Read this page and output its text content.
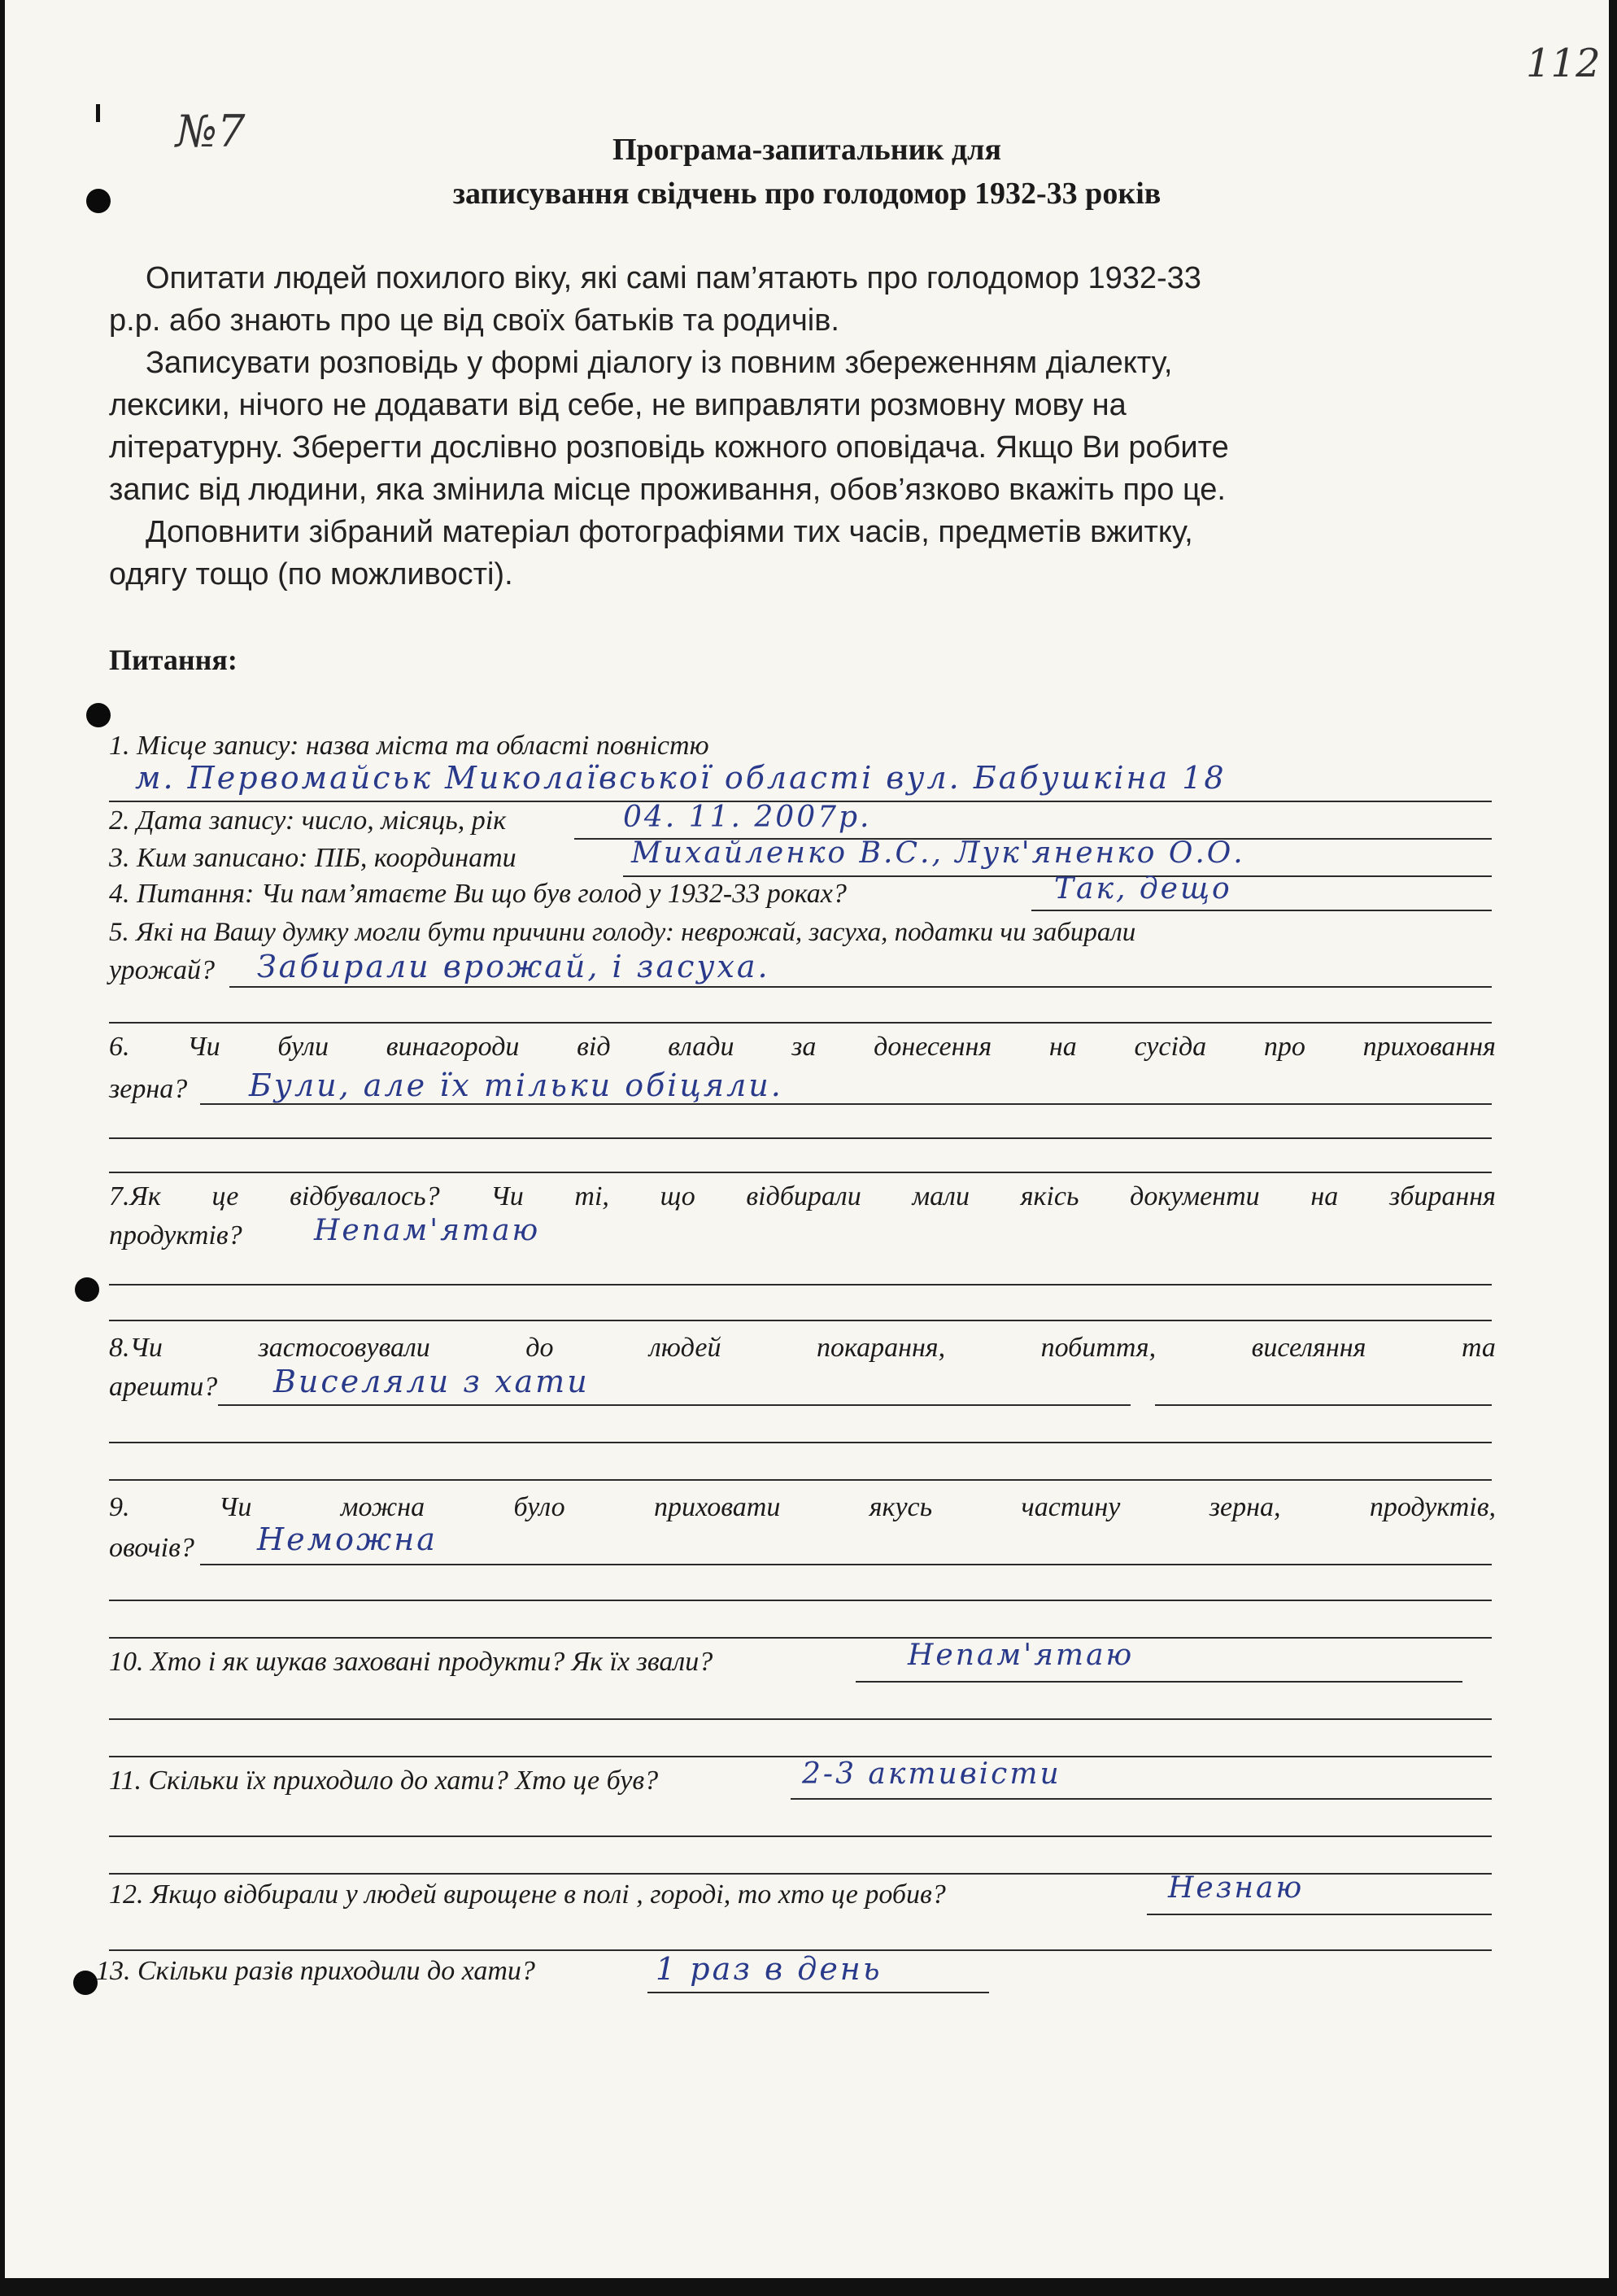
112
№7	Програма-запитальник для
записування свідчень про голодомор 1932-33 років
Опитати людей похилого віку, які самі пам’ятають про голодомор 1932-33
р.р. або знають про це від своїх батьків та родичів.
Записувати розповідь у формі діалогу із повним збереженням діалекту,
лексики, нічого не додавати від себе, не виправляти розмовну мову на
літературну. Зберегти дослівно розповідь кожного оповідача. Якщо Ви робите
запис від людини, яка змінила місце проживання, обов’язково вкажіть про це.
Доповнити зібраний матеріал фотографіями тих часів, предметів вжитку,
одягу тощо (по можливості).
Питання:
1. Місце запису: назва міста та області повністю
м. Первомайськ Миколаївської області вул. Бабушкіна 18
2. Дата запису: число, місяць, рік	04. 11. 2007р.
3. Ким записано: ПІБ, координати	Михайленко В.С., Лук'яненко О.О.
4. Питання: Чи пам’ятаєте Ви що був голод у 1932-33 роках?	Так, дещо
5. Які на Вашу думку могли бути причини голоду: неврожай, засуха, податки чи забирали
урожай? Забирали врожай, і засуха.
6. Чи були винагороди від влади за донесення на сусіда про приховання
зерна? Були, але їх тільки обіцяли.
7.Як це відбувалось? Чи ті, що відбирали мали якісь документи на збирання
продуктів? Непам'ятаю
8.Чи	застосовували	до	людей	покарання,	побиття,	виселяння	та
арешти? Виселяли з хати
9.	Чи	можна	було	приховати	якусь	частину	зерна,	продуктів,
овочів? Неможна
10. Хто і як шукав заховані продукти? Як їх звали?	Непам'ятаю
11. Скільки їх приходило до хати? Хто це був?	2-3 активісти
12. Якщо відбирали у людей вирощене в полі , городі, то хто це робив?	Незнаю
13. Скільки разів приходили до хати?	1 раз в день
